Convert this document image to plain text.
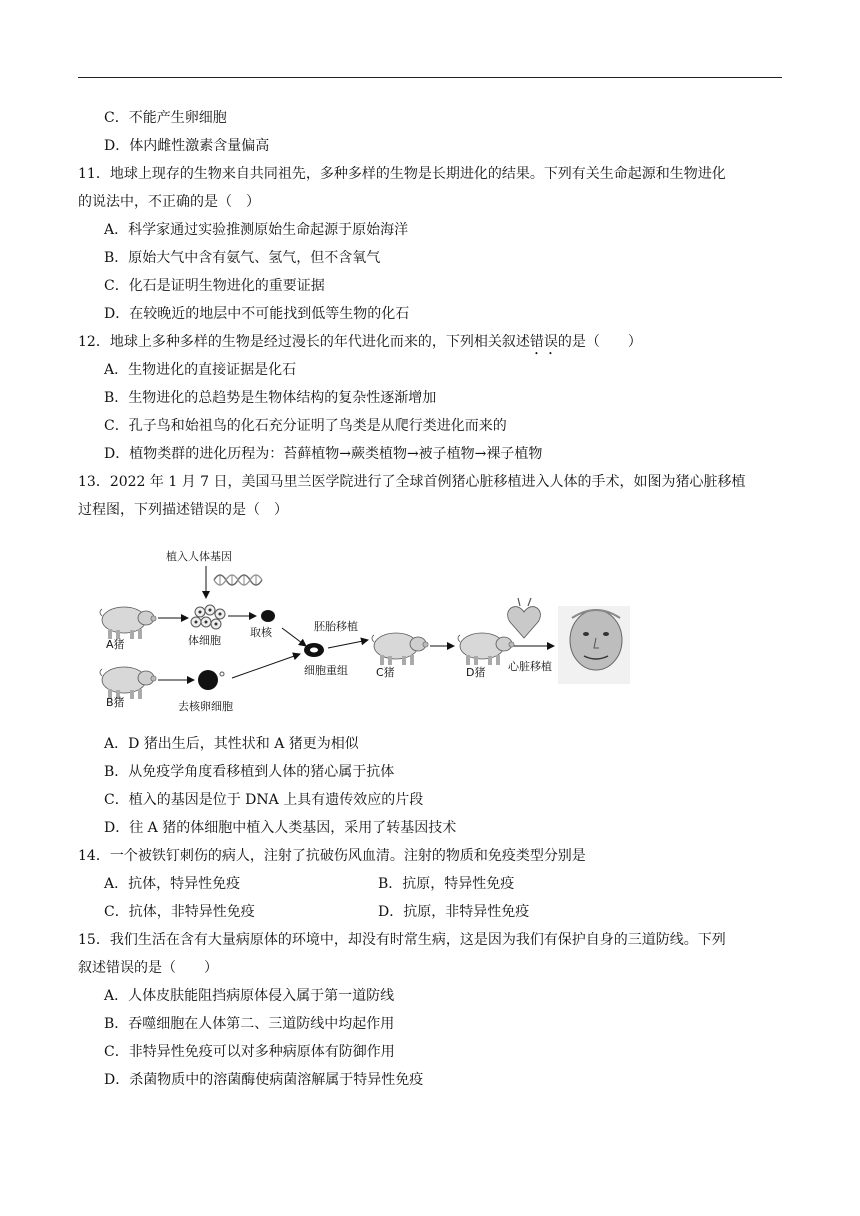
C．不能产生卵细胞
D．体内雌性激素含量偏高
11．地球上现存的生物来自共同祖先，多种多样的生物是长期进化的结果。下列有关生命起源和生物进化
的说法中，不正确的是（　）
A．科学家通过实验推测原始生命起源于原始海洋
B．原始大气中含有氨气、氢气，但不含氧气
C．化石是证明生物进化的重要证据
D．在较晚近的地层中不可能找到低等生物的化石
12．地球上多种多样的生物是经过漫长的年代进化而来的，下列相关叙述错误的是（　　）
A．生物进化的直接证据是化石
B．生物进化的总趋势是生物体结构的复杂性逐渐增加
C．孔子鸟和始祖鸟的化石充分证明了鸟类是从爬行类进化而来的
D．植物类群的进化历程为：苔藓植物→蕨类植物→被子植物→裸子植物
13．2022 年 1 月 7 日，美国马里兰医学院进行了全球首例猪心脏移植进入人体的手术，如图为猪心脏移植
过程图，下列描述错误的是（　）
植入人体基因
A猪	体细胞
取核
B猪	去核卵细胞
细胞重组
胚胎移植
C猪	D猪 心脏移植
A．D 猪出生后，其性状和 A 猪更为相似
B．从免疫学角度看移植到人体的猪心属于抗体
C．植入的基因是位于 DNA 上具有遗传效应的片段
D．往 A 猪的体细胞中植入人类基因，采用了转基因技术
14．一个被铁钉刺伤的病人，注射了抗破伤风血清。注射的物质和免疫类型分别是
A．抗体，特异性免疫	B．抗原，特异性免疫
C．抗体，非特异性免疫	D．抗原，非特异性免疫
15．我们生活在含有大量病原体的环境中，却没有时常生病，这是因为我们有保护自身的三道防线。下列
叙述错误的是（　　）
A．人体皮肤能阻挡病原体侵入属于第一道防线
B．吞噬细胞在人体第二、三道防线中均起作用
C．非特异性免疫可以对多种病原体有防御作用
D．杀菌物质中的溶菌酶使病菌溶解属于特异性免疫
